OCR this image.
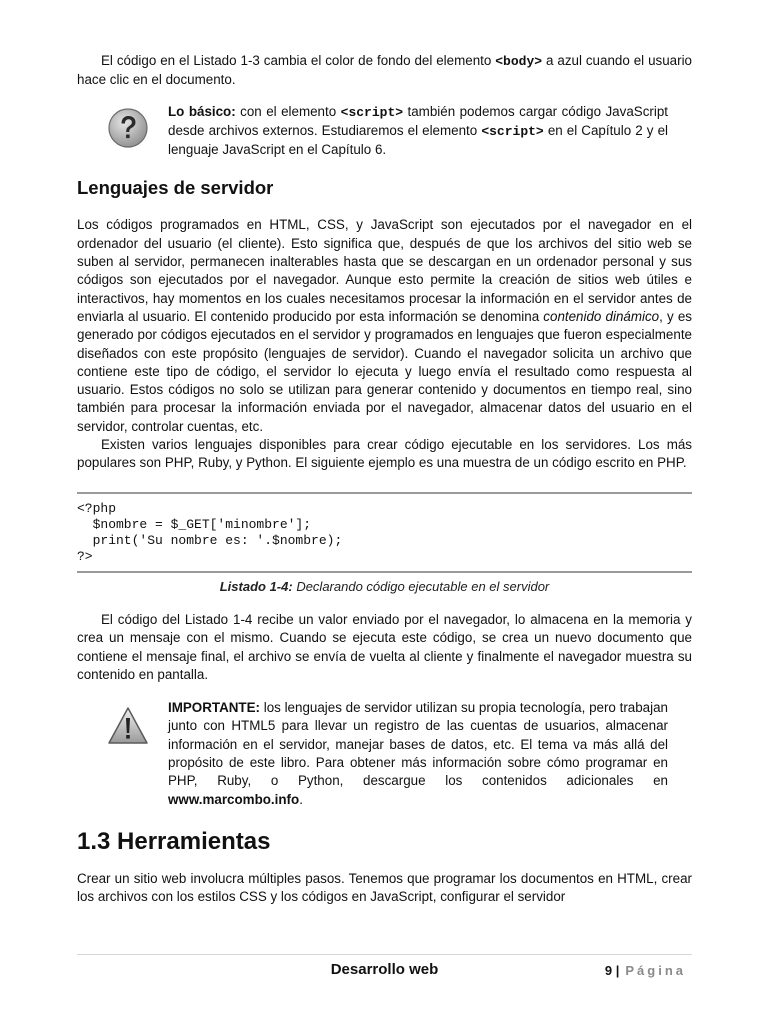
El código en el Listado 1-3 cambia el color de fondo del elemento <body> a azul cuando el usuario hace clic en el documento.

Lo básico: con el elemento <script> también podemos cargar código JavaScript desde archivos externos. Estudiaremos el elemento <script> en el Capítulo 2 y el lenguaje JavaScript en el Capítulo 6.

Lenguajes de servidor

Los códigos programados en HTML, CSS, y JavaScript son ejecutados por el navegador en el ordenador del usuario (el cliente). Esto significa que, después de que los archivos del sitio web se suben al servidor, permanecen inalterables hasta que se descargan en un ordenador personal y sus códigos son ejecutados por el navegador. Aunque esto permite la creación de sitios web útiles e interactivos, hay momentos en los cuales necesitamos procesar la información en el servidor antes de enviarla al usuario. El contenido producido por esta información se denomina contenido dinámico, y es generado por códigos ejecutados en el servidor y programados en lenguajes que fueron especialmente diseñados con este propósito (lenguajes de servidor). Cuando el navegador solicita un archivo que contiene este tipo de código, el servidor lo ejecuta y luego envía el resultado como respuesta al usuario. Estos códigos no solo se utilizan para generar contenido y documentos en tiempo real, sino también para procesar la información enviada por el navegador, almacenar datos del usuario en el servidor, controlar cuentas, etc.

Existen varios lenguajes disponibles para crear código ejecutable en los servidores. Los más populares son PHP, Ruby, y Python. El siguiente ejemplo es una muestra de un código escrito en PHP.

<?php
$nombre = $_GET['minombre'];
print('Su nombre es: '.$nombre);
?>

Listado 1-4: Declarando código ejecutable en el servidor

El código del Listado 1-4 recibe un valor enviado por el navegador, lo almacena en la memoria y crea un mensaje con el mismo. Cuando se ejecuta este código, se crea un nuevo documento que contiene el mensaje final, el archivo se envía de vuelta al cliente y finalmente el navegador muestra su contenido en pantalla.

IMPORTANTE: los lenguajes de servidor utilizan su propia tecnología, pero trabajan junto con HTML5 para llevar un registro de las cuentas de usuarios, almacenar información en el servidor, manejar bases de datos, etc. El tema va más allá del propósito de este libro. Para obtener más información sobre cómo programar en PHP, Ruby, o Python, descargue los contenidos adicionales en www.marcombo.info.

1.3 Herramientas

Crear un sitio web involucra múltiples pasos. Tenemos que programar los documentos en HTML, crear los archivos con los estilos CSS y los códigos en JavaScript, configurar el servidor

Desarrollo web	9 | Página
